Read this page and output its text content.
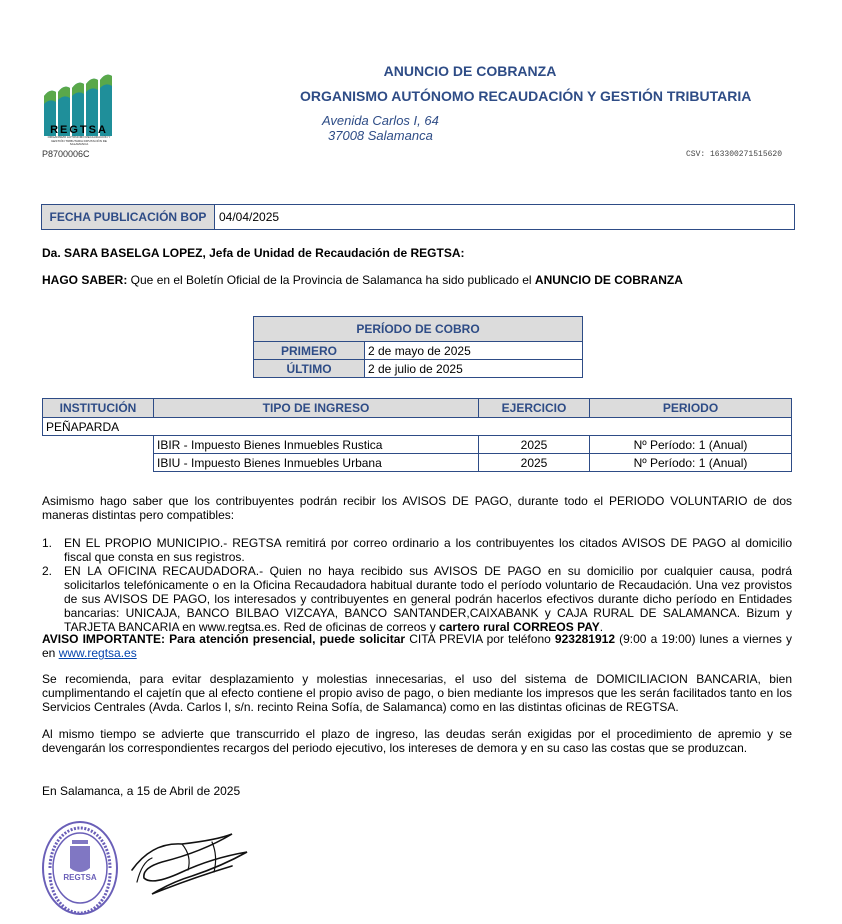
REGTSA
ORGANISMO AUTÓNOMO RECAUDACIÓN Y GESTIÓN TRIBUTARIA DIPUTACIÓN DE SALAMANCA
P8700006C
ANUNCIO DE COBRANZA
ORGANISMO AUTÓNOMO RECAUDACIÓN Y GESTIÓN TRIBUTARIA
Avenida Carlos I, 64
37008 Salamanca
CSV: 163300271515620
FECHA PUBLICACIÓN BOP	04/04/2025
Da. SARA BASELGA LOPEZ, Jefa de Unidad de Recaudación de REGTSA:
HAGO SABER: Que en el Boletín Oficial de la Provincia de Salamanca ha sido publicado el ANUNCIO DE COBRANZA
PERÍODO DE COBRO	
PRIMERO	2 de mayo de 2025
ÚLTIMO	2 de julio de 2025
INSTITUCIÓN	TIPO DE INGRESO	EJERCICIO	PERIODO
PEÑAPARDA			
	IBIR - Impuesto Bienes Inmuebles Rustica	2025	Nº Período: 1 (Anual)
	IBIU - Impuesto Bienes Inmuebles Urbana	2025	Nº Período: 1 (Anual)
Asimismo hago saber que los contribuyentes podrán recibir los AVISOS DE PAGO, durante todo el PERIODO VOLUNTARIO de dos maneras distintas pero compatibles:
1. EN EL PROPIO MUNICIPIO.- REGTSA remitirá por correo ordinario a los contribuyentes los citados AVISOS DE PAGO al domicilio fiscal que consta en sus registros.
2. EN LA OFICINA RECAUDADORA.- Quien no haya recibido sus AVISOS DE PAGO en su domicilio por cualquier causa, podrá solicitarlos telefónicamente o en la Oficina Recaudadora habitual durante todo el período voluntario de Recaudación. Una vez provistos de sus AVISOS DE PAGO, los interesados y contribuyentes en general podrán hacerlos efectivos durante dicho período en Entidades bancarias: UNICAJA, BANCO BILBAO VIZCAYA, BANCO SANTANDER,CAIXABANK y CAJA RURAL DE SALAMANCA. Bizum y TARJETA BANCARIA en www.regtsa.es. Red de oficinas de correos y cartero rural CORREOS PAY.
AVISO IMPORTANTE: Para atención presencial, puede solicitar CITA PREVIA por teléfono 923281912 (9:00 a 19:00) lunes a viernes y en www.regtsa.es
Se recomienda, para evitar desplazamiento y molestias innecesarias, el uso del sistema de DOMICILIACION BANCARIA, bien cumplimentando el cajetín que al efecto contiene el propio aviso de pago, o bien mediante los impresos que les serán facilitados tanto en los Servicios Centrales (Avda. Carlos I, s/n. recinto Reina Sofía, de Salamanca) como en las distintas oficinas de REGTSA.
Al mismo tiempo se advierte que transcurrido el plazo de ingreso, las deudas serán exigidas por el procedimiento de apremio y se devengarán los correspondientes recargos del periodo ejecutivo, los intereses de demora y en su caso las costas que se produzcan.
En Salamanca, a 15 de Abril de 2025
REGTSA
